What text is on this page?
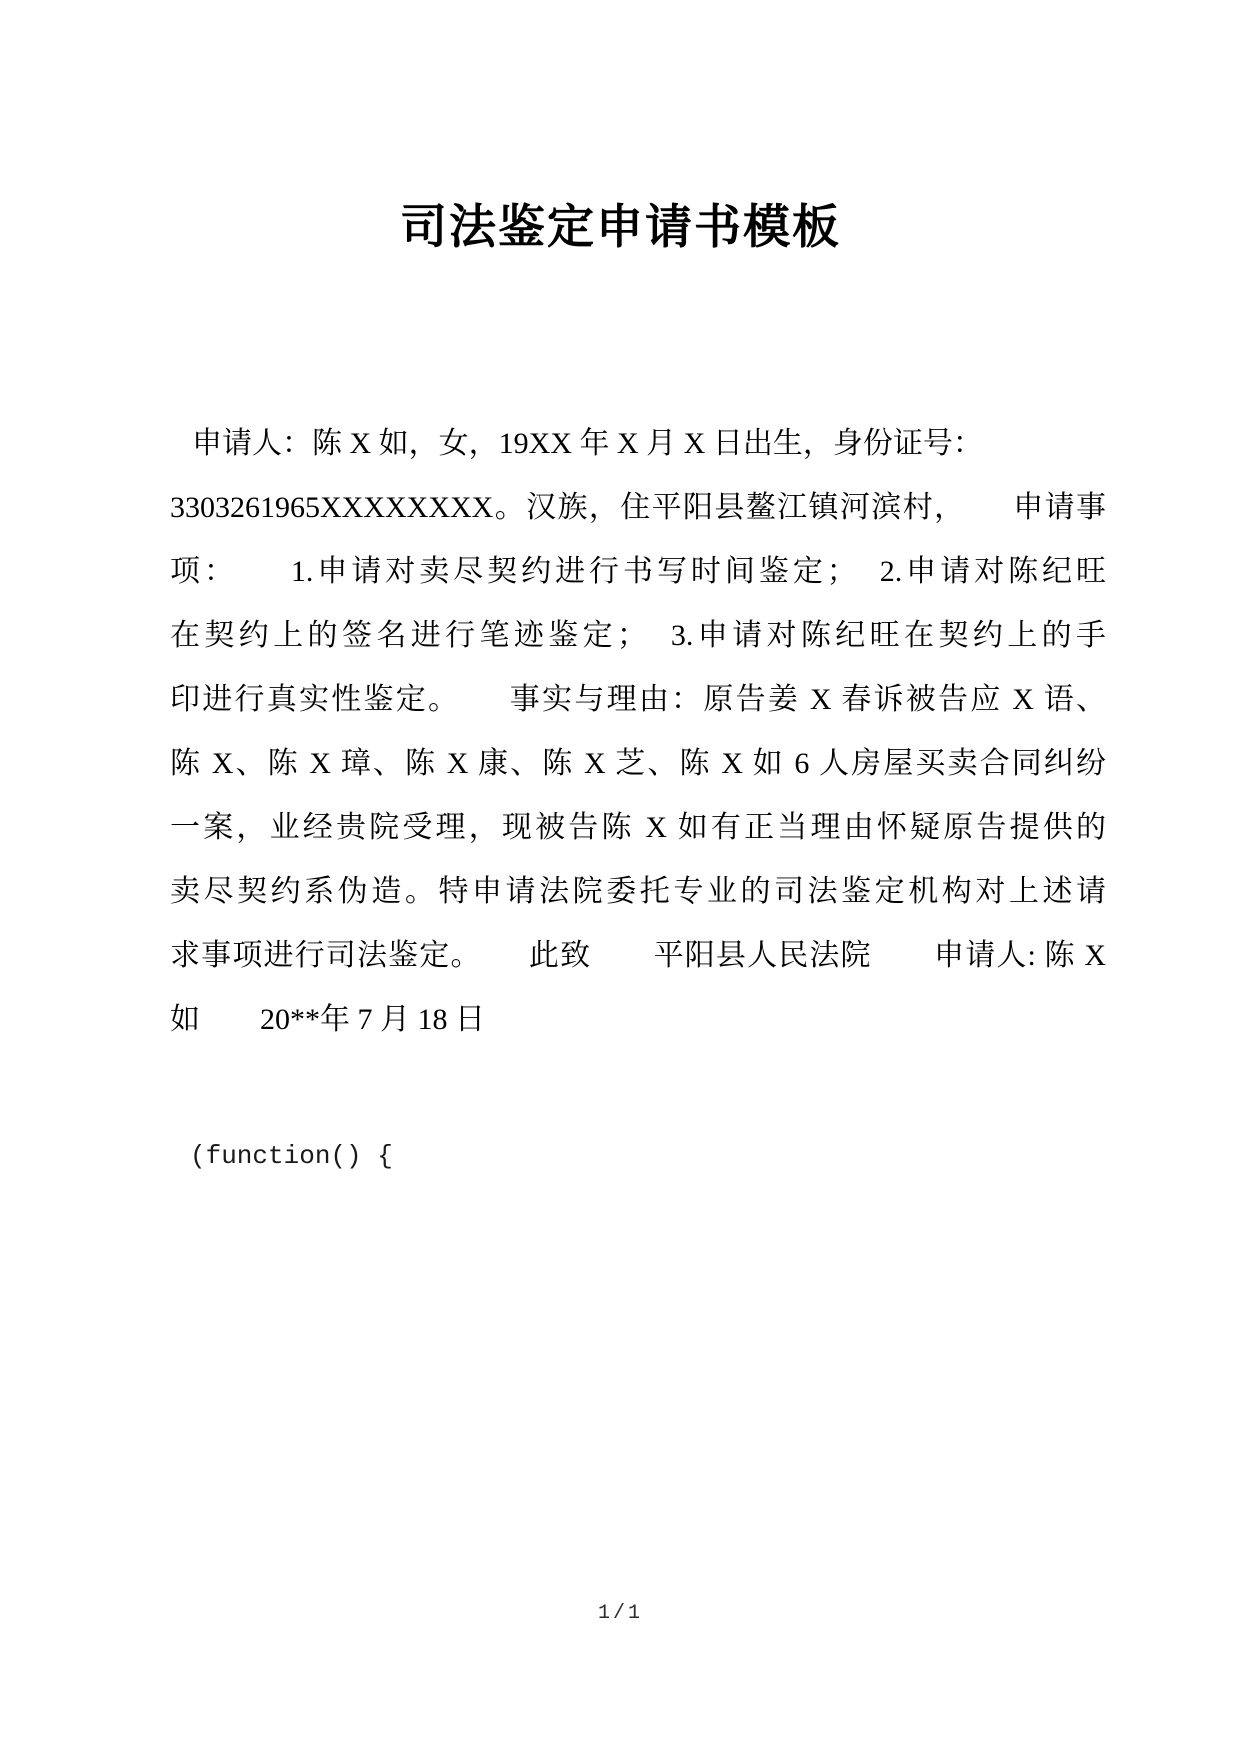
司法鉴定申请书模板
申请人：陈 X 如，女，19XX 年 X 月 X 日出生，身份证号：
3303261965XXXXXXXX。汉族，住平阳县鳌江镇河滨村，　　申请事
项：　　1.申请对卖尽契约进行书写时间鉴定；　2.申请对陈纪旺
在契约上的签名进行笔迹鉴定；　3.申请对陈纪旺在契约上的手
印进行真实性鉴定。　　事实与理由：原告姜 X 春诉被告应 X 语、
陈 X、陈 X 璋、陈 X 康、陈 X 芝、陈 X 如 6 人房屋买卖合同纠纷
一案，业经贵院受理，现被告陈 X 如有正当理由怀疑原告提供的
卖尽契约系伪造。特申请法院委托专业的司法鉴定机构对上述请
求事项进行司法鉴定。　　此致　　平阳县人民法院　　申请人: 陈 X
如　　20**年 7 月 18 日
(function() {
1/1
